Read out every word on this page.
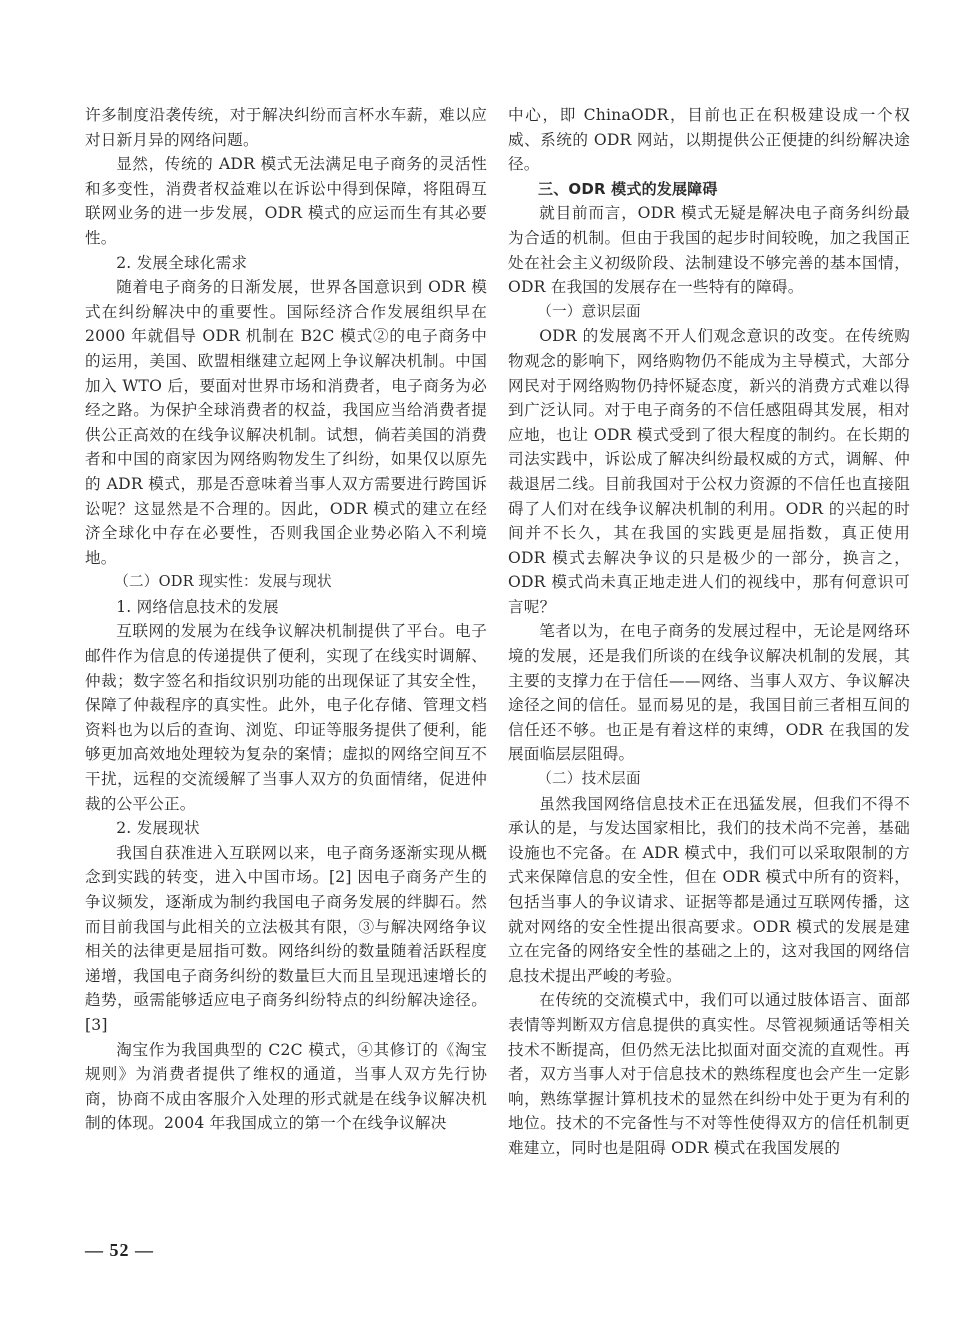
许多制度沿袭传统，对于解决纠纷而言杯水车薪，难以应对日新月异的网络问题。

显然，传统的 ADR 模式无法满足电子商务的灵活性和多变性，消费者权益难以在诉讼中得到保障，将阻碍互联网业务的进一步发展，ODR 模式的应运而生有其必要性。

2. 发展全球化需求

随着电子商务的日渐发展，世界各国意识到 ODR 模式在纠纷解决中的重要性。国际经济合作发展组织早在 2000 年就倡导 ODR 机制在 B2C 模式②的电子商务中的运用，美国、欧盟相继建立起网上争议解决机制。中国加入 WTO 后，要面对世界市场和消费者，电子商务为必经之路。为保护全球消费者的权益，我国应当给消费者提供公正高效的在线争议解决机制。试想，倘若美国的消费者和中国的商家因为网络购物发生了纠纷，如果仅以原先的 ADR 模式，那是否意味着当事人双方需要进行跨国诉讼呢？这显然是不合理的。因此，ODR 模式的建立在经济全球化中存在必要性，否则我国企业势必陷入不利境地。

（二）ODR 现实性：发展与现状

1. 网络信息技术的发展

互联网的发展为在线争议解决机制提供了平台。电子邮件作为信息的传递提供了便利，实现了在线实时调解、仲裁；数字签名和指纹识别功能的出现保证了其安全性，保障了仲裁程序的真实性。此外，电子化存储、管理文档资料也为以后的查询、浏览、印证等服务提供了便利，能够更加高效地处理较为复杂的案情；虚拟的网络空间互不干扰，远程的交流缓解了当事人双方的负面情绪，促进仲裁的公平公正。

2. 发展现状

我国自获准进入互联网以来，电子商务逐渐实现从概念到实践的转变，进入中国市场。[2] 因电子商务产生的争议频发，逐渐成为制约我国电子商务发展的绊脚石。然而目前我国与此相关的立法极其有限，③与解决网络争议相关的法律更是屈指可数。网络纠纷的数量随着活跃程度递增，我国电子商务纠纷的数量巨大而且呈现迅速增长的趋势，亟需能够适应电子商务纠纷特点的纠纷解决途径。[3]

淘宝作为我国典型的 C2C 模式，④其修订的《淘宝规则》为消费者提供了维权的通道，当事人双方先行协商，协商不成由客服介入处理的形式就是在线争议解决机制的体现。2004 年我国成立的第一个在线争议解决

中心，即 ChinaODR，目前也正在积极建设成一个权威、系统的 ODR 网站，以期提供公正便捷的纠纷解决途径。

三、ODR 模式的发展障碍

就目前而言，ODR 模式无疑是解决电子商务纠纷最为合适的机制。但由于我国的起步时间较晚，加之我国正处在社会主义初级阶段、法制建设不够完善的基本国情，ODR 在我国的发展存在一些特有的障碍。

（一）意识层面

ODR 的发展离不开人们观念意识的改变。在传统购物观念的影响下，网络购物仍不能成为主导模式，大部分网民对于网络购物仍持怀疑态度，新兴的消费方式难以得到广泛认同。对于电子商务的不信任感阻碍其发展，相对应地，也让 ODR 模式受到了很大程度的制约。在长期的司法实践中，诉讼成了解决纠纷最权威的方式，调解、仲裁退居二线。目前我国对于公权力资源的不信任也直接阻碍了人们对在线争议解决机制的利用。ODR 的兴起的时间并不长久，其在我国的实践更是屈指数，真正使用 ODR 模式去解决争议的只是极少的一部分，换言之，ODR 模式尚未真正地走进人们的视线中，那有何意识可言呢？

笔者以为，在电子商务的发展过程中，无论是网络环境的发展，还是我们所谈的在线争议解决机制的发展，其主要的支撑力在于信任——网络、当事人双方、争议解决途径之间的信任。显而易见的是，我国目前三者相互间的信任还不够。也正是有着这样的束缚，ODR 在我国的发展面临层层阻碍。

（二）技术层面

虽然我国网络信息技术正在迅猛发展，但我们不得不承认的是，与发达国家相比，我们的技术尚不完善，基础设施也不完备。在 ADR 模式中，我们可以采取限制的方式来保障信息的安全性，但在 ODR 模式中所有的资料，包括当事人的争议请求、证据等都是通过互联网传播，这就对网络的安全性提出很高要求。ODR 模式的发展是建立在完备的网络安全性的基础之上的，这对我国的网络信息技术提出严峻的考验。

在传统的交流模式中，我们可以通过肢体语言、面部表情等判断双方信息提供的真实性。尽管视频通话等相关技术不断提高，但仍然无法比拟面对面交流的直观性。再者，双方当事人对于信息技术的熟练程度也会产生一定影响，熟练掌握计算机技术的显然在纠纷中处于更为有利的地位。技术的不完备性与不对等性使得双方的信任机制更难建立，同时也是阻碍 ODR 模式在我国发展的

— 52 —
